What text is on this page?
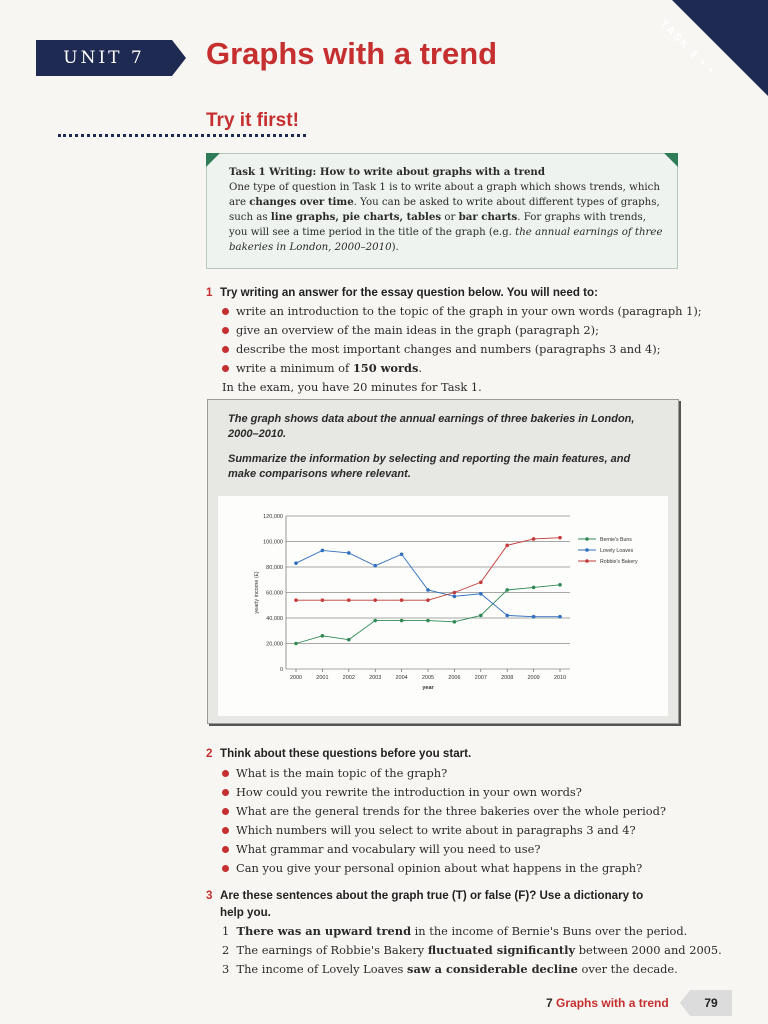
UNIT 7 Graphs with a trend	TASK 1 • •
Try it first!

Task 1 Writing: How to write about graphs with a trend

One type of question in Task 1 is to write about a graph which shows trends, which are changes over time. You can be asked to write about different types of graphs, such as line graphs, pie charts, tables or bar charts. For graphs with trends, you will see a time period in the title of the graph (e.g. the annual earnings of three bakeries in London, 2000–2010).

1 Try writing an answer for the essay question below. You will need to:

write an introduction to the topic of the graph in your own words (paragraph 1);
give an overview of the main ideas in the graph (paragraph 2);
describe the most important changes and numbers (paragraphs 3 and 4);
write a minimum of 150 words.

In the exam, you have 20 minutes for Task 1.

The graph shows data about the annual earnings of three bakeries in London, 2000–2010.

Summarize the information by selecting and reporting the main features, and make comparisons where relevant.

0
20,000
40,000
60,000
80,000
100,000
120,000
2000	2001	2002	2003	2004	2005	2006	2007	2008	2009	2010
year
yearly income (£)
Bernie's Buns
Lovely Loaves
Robbie's Bakery

2 Think about these questions before you start.

What is the main topic of the graph?
How could you rewrite the introduction in your own words?
What are the general trends for the three bakeries over the whole period?
Which numbers will you select to write about in paragraphs 3 and 4?
What grammar and vocabulary will you need to use?
Can you give your personal opinion about what happens in the graph?

3 Are these sentences about the graph true (T) or false (F)? Use a dictionary to
help you.

1 There was an upward trend in the income of Bernie's Buns over the period.
2 The earnings of Robbie's Bakery fluctuated significantly between 2000 and 2005.
3 The income of Lovely Loaves saw a considerable decline over the decade.

7 Graphs with a trend	79
